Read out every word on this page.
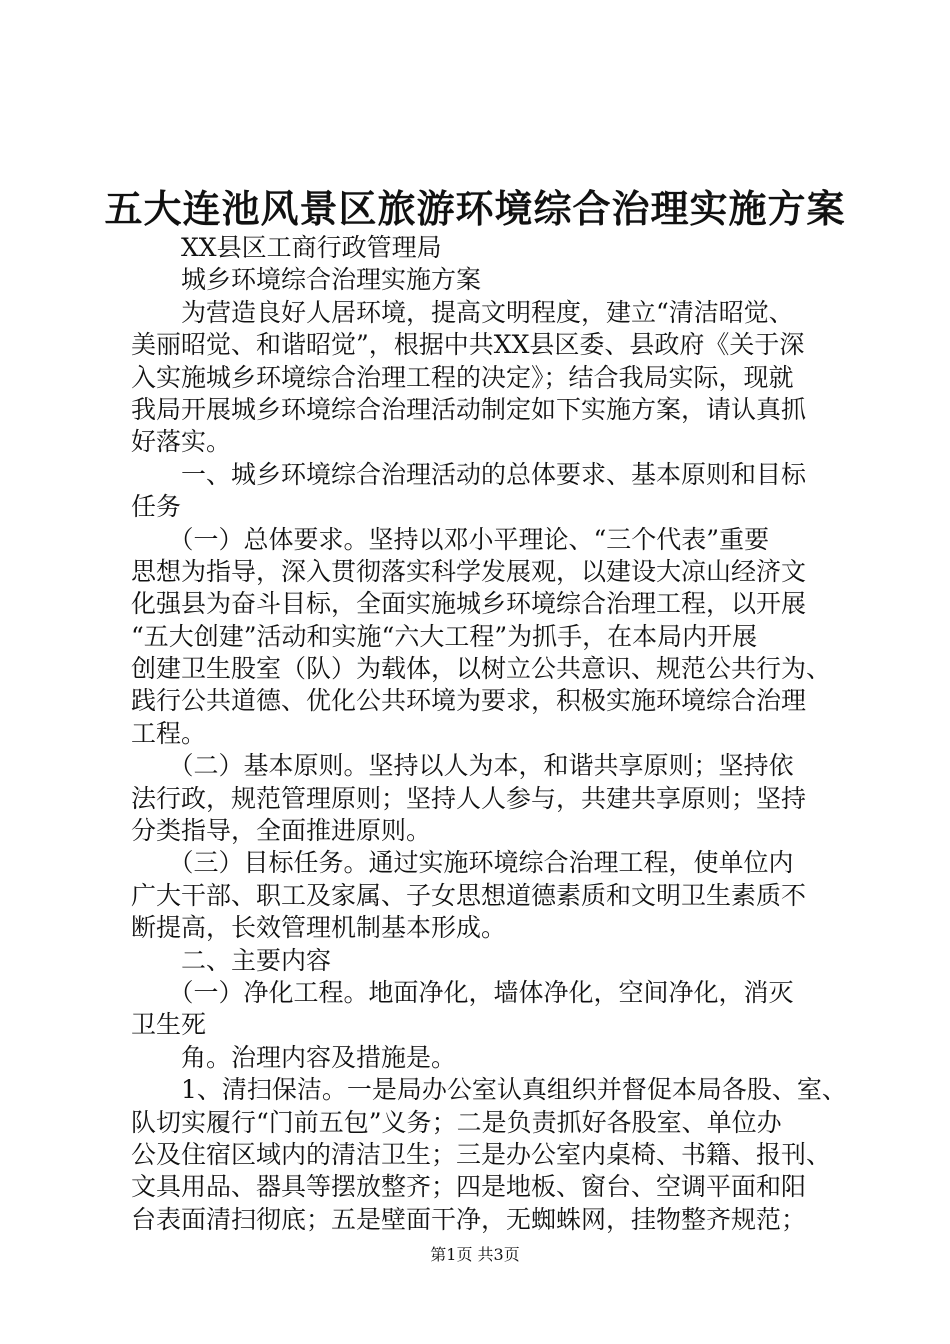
五大连池风景区旅游环境综合治理实施方案
　　XX县区工商行政管理局
　　城乡环境综合治理实施方案
　　为营造良好人居环境，提高文明程度，建立“清洁昭觉、
美丽昭觉、和谐昭觉”，根据中共XX县区委、县政府《关于深
入实施城乡环境综合治理工程的决定》；结合我局实际，现就
我局开展城乡环境综合治理活动制定如下实施方案，请认真抓
好落实。
　　一、城乡环境综合治理活动的总体要求、基本原则和目标
任务
　　（一）总体要求。坚持以邓小平理论、“三个代表”重要
思想为指导，深入贯彻落实科学发展观，以建设大凉山经济文
化强县为奋斗目标，全面实施城乡环境综合治理工程，以开展
“五大创建”活动和实施“六大工程”为抓手，在本局内开展
创建卫生股室（队）为载体，以树立公共意识、规范公共行为、
践行公共道德、优化公共环境为要求，积极实施环境综合治理
工程。
　　（二）基本原则。坚持以人为本，和谐共享原则；坚持依
法行政，规范管理原则；坚持人人参与，共建共享原则；坚持
分类指导，全面推进原则。
　　（三）目标任务。通过实施环境综合治理工程，使单位内
广大干部、职工及家属、子女思想道德素质和文明卫生素质不
断提高，长效管理机制基本形成。
　　二、主要内容
　　（一）净化工程。地面净化，墙体净化，空间净化，消灭
卫生死
　　角。治理内容及措施是。
　　1、清扫保洁。一是局办公室认真组织并督促本局各股、室、
队切实履行“门前五包”义务；二是负责抓好各股室、单位办
公及住宿区域内的清洁卫生；三是办公室内桌椅、书籍、报刊、
文具用品、器具等摆放整齐；四是地板、窗台、空调平面和阳
台表面清扫彻底；五是壁面干净，无蜘蛛网，挂物整齐规范；
第1页 共3页
